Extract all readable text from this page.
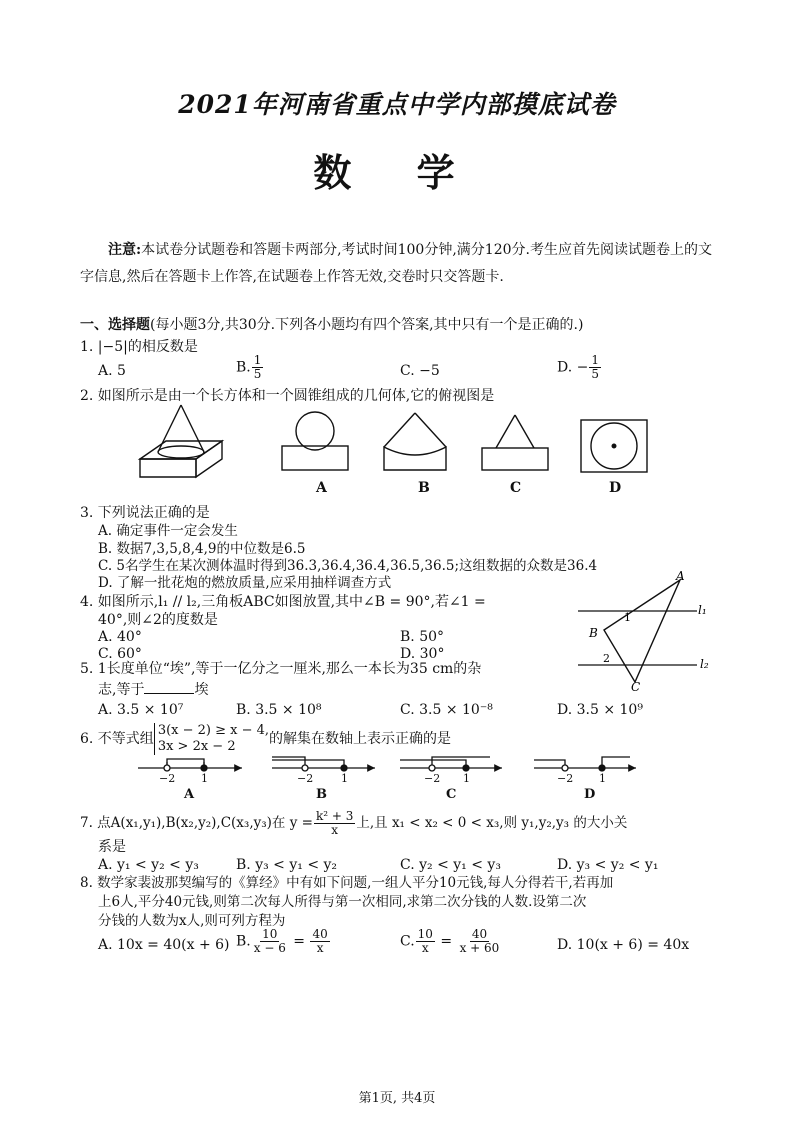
2021年河南省重点中学内部摸底试卷
数 学
注意:本试卷分试题卷和答题卡两部分,考试时间100分钟,满分120分.考生应首先阅读试题卷上的文字信息,然后在答题卡上作答,在试题卷上作答无效,交卷时只交答题卡.
一、选择题(每小题3分,共30分.下列各小题均有四个答案,其中只有一个是正确的.)
1. |−5|的相反数是
A. 5	B. $\frac{1}{5}$	C. −5	D. − $\frac{1}{5}$
2. 如图所示是由一个长方体和一个圆锥组成的几何体,它的俯视图是
A	B	C	D
3. 下列说法正确的是
A. 确定事件一定会发生
B. 数据7,3,5,8,4,9的中位数是6.5
C. 5名学生在某次测体温时得到36.3,36.4,36.4,36.5,36.5;这组数据的众数是36.4
D. 了解一批花炮的燃放质量,应采用抽样调查方式
4. 如图所示,l₁ // l₂,三角板ABC如图放置,其中∠B = 90°,若∠1 =
40°,则∠2的度数是
A. 40°	B. 50°
C. 60°	D. 30°
A
B
C
l₁
l₂
1
2
5. 1长度单位“埃”,等于一亿分之一厘米,那么一本长为35 cm的杂
志,等于	埃
A. 3.5 × 10⁷	B. 3.5 × 10⁸	C. 3.5 × 10⁻⁸	D. 3.5 × 10⁹
6. 不等式组3(x − 2) ≥ x − 4,
3x > 2x − 2 的解集在数轴上表示正确的是
−2 1	−2	1	−2 1	−2 1
A	B	C	D
7. 点A(x₁,y₁),B(x₂,y₂),C(x₃,y₃)在 $y = \frac{\text{k² + 3}}{x}$ 上,且 x₁ < x₂ < 0 < x₃,则 y₁,y₂,y₃ 的大小关
系是
A. y₁ < y₂ < y₃	B. y₃ < y₁ < y₂	C. y₂ < y₁ < y₃	D. y₃ < y₂ < y₁
8. 数学家裴波那契编写的《算经》中有如下问题,一组人平分10元钱,每人分得若干,若再加
上6人,平分40元钱,则第二次每人所得与第一次相同,求第二次分钱的人数.设第二次
分钱的人数为x人,则可列方程为
A. 10x = 40(x + 6) B. $\frac{10}{x - 6} = \frac{40}{x}$	C. $\frac{10}{x} = \frac{40}{x + 60}$	D. 10(x + 6) = 40x
第1页, 共4页
